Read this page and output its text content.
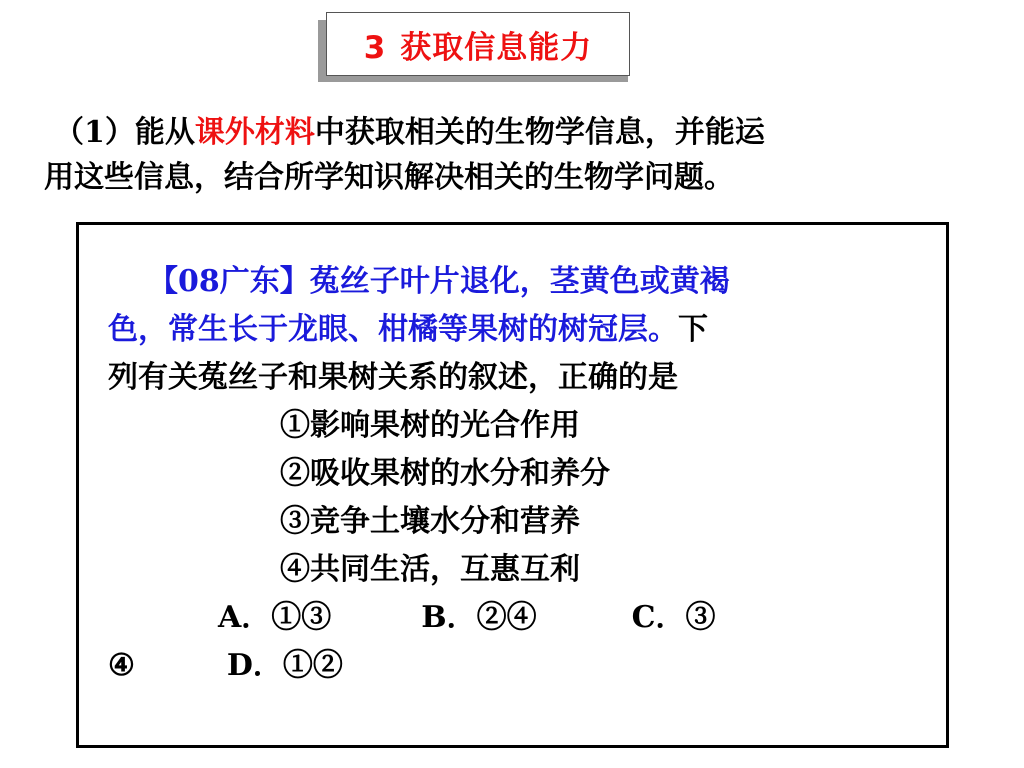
3 获取信息能力
（1）能从课外材料中获取相关的生物学信息，并能运
用这些信息，结合所学知识解决相关的生物学问题。
【08广东】菟丝子叶片退化，茎黄色或黄褐
色，常生长于龙眼、柑橘等果树的树冠层。下
列有关菟丝子和果树关系的叙述，正确的是
①影响果树的光合作用
②吸收果树的水分和养分
③竞争土壤水分和营养
④共同生活，互惠互利
A．①③	B．②④	C．③
④	D．①②
